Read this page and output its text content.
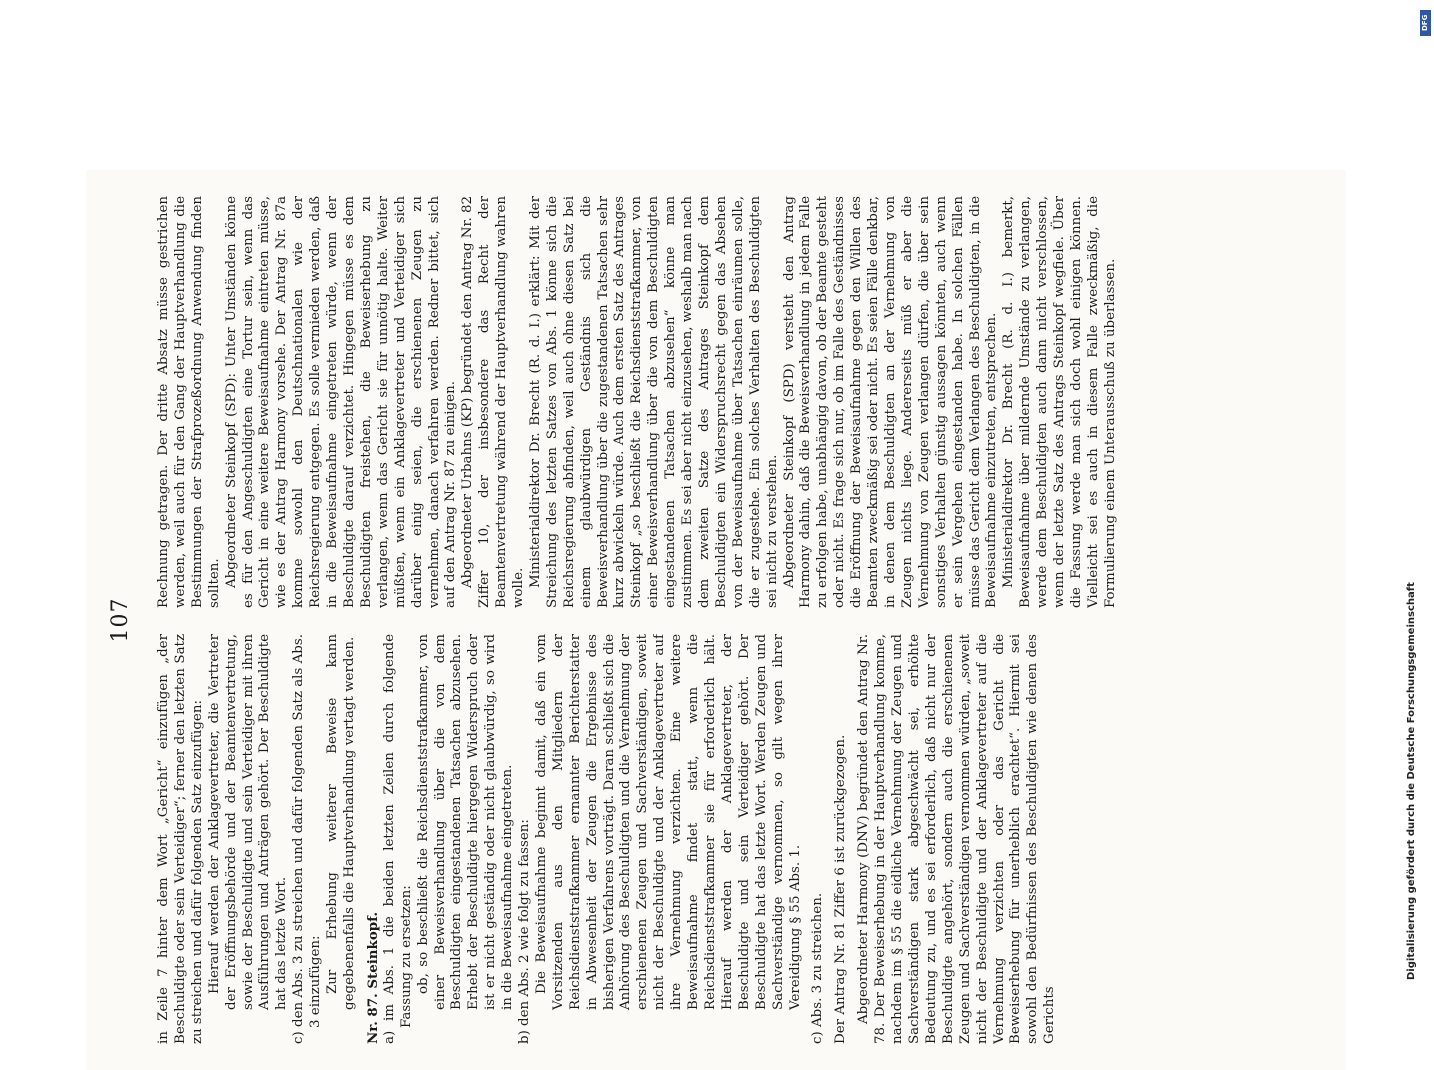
107

in Zeile 7 hinter dem Wort „Gericht“ einzufügen „der Beschuldigte oder sein Verteidiger“; ferner den letzten Satz zu streichen und dafür folgenden Satz einzufügen: Hierauf werden der Anklagevertreter, die Vertreter der Eröffnungsbehörde und der Beamtenvertretung, sowie der Beschuldigte und sein Verteidiger mit ihren Ausführungen und Anträgen gehört. Der Beschuldigte hat das letzte Wort. c) den Abs. 3 zu streichen und dafür folgenden Satz als Abs. 3 einzufügen: Zur Erhebung weiterer Beweise kann gegebenenfalls die Hauptverhandlung vertagt werden. Nr. 87. Steinkopf. a) im Abs. 1 die beiden letzten Zeilen durch folgende Fassung zu ersetzen: ob, so beschließt die Reichsdienststrafkammer, von einer Beweisverhandlung über die von dem Beschuldigten eingestandenen Tatsachen abzusehen. Erhebt der Beschuldigte hiergegen Widerspruch oder ist er nicht geständig oder nicht glaubwürdig, so wird in die Beweisaufnahme eingetreten. b) den Abs. 2 wie folgt zu fassen: Die Beweisaufnahme beginnt damit, daß ein vom Vorsitzenden aus den Mitgliedern der Reichsdienststrafkammer ernannter Berichterstatter in Abwesenheit der Zeugen die Ergebnisse des bisherigen Verfahrens vorträgt. Daran schließt sich die Anhörung des Beschuldigten und die Vernehmung der erschienenen Zeugen und Sachverständigen, soweit nicht der Beschuldigte und der Anklagevertreter auf ihre Vernehmung verzichten. Eine weitere Beweisaufnahme findet statt, wenn die Reichsdienststrafkammer sie für erforderlich hält. Hierauf werden der Anklagevertreter, der Beschuldigte und sein Verteidiger gehört. Der Beschuldigte hat das letzte Wort. Werden Zeugen und Sachverständige vernommen, so gilt wegen ihrer Vereidigung § 55 Abs. 1. c) Abs. 3 zu streichen. Der Antrag Nr. 81 Ziffer 6 ist zurückgezogen. Abgeordneter Harmony (DNV) begründet den Antrag Nr. 78. Der Beweiserhebung in der Hauptverhandlung komme, nachdem im § 55 die eidliche Vernehmung der Zeugen und Sachverständigen stark abgeschwächt sei, erhöhte Bedeutung zu, und es sei erforderlich, daß nicht nur der Beschuldigte angehört, sondern auch die erschienenen Zeugen und Sachverständigen vernommen würden, „soweit nicht der Beschuldigte und der Anklagevertreter auf die Vernehmung verzichten oder das Gericht die Beweiserhebung für unerheblich erachtet“. Hiermit sei sowohl den Bedürfnissen des Beschuldigten wie denen des Gerichts

Rechnung getragen. Der dritte Absatz müsse gestrichen werden, weil auch für den Gang der Hauptverhandlung die Bestimmungen der Strafprozeßordnung Anwendung finden sollten. Abgeordneter Steinkopf (SPD): Unter Umständen könne es für den Angeschuldigten eine Tortur sein, wenn das Gericht in eine weitere Beweisaufnahme eintreten müsse, wie es der Antrag Harmony vorsehe. Der Antrag Nr. 87a komme sowohl den Deutschnationalen wie der Reichsregierung entgegen. Es solle vermieden werden, daß in die Beweisaufnahme eingetreten würde, wenn der Beschuldigte darauf verzichtet. Hingegen müsse es dem Beschuldigten freistehen, die Beweiserhebung zu verlangen, wenn das Gericht sie für unnötig halte. Weiter müßten, wenn ein Anklagevertreter und Verteidiger sich darüber einig seien, die erschienenen Zeugen zu vernehmen, danach verfahren werden. Redner bittet, sich auf den Antrag Nr. 87 zu einigen. Abgeordneter Urbahns (KP) begründet den Antrag Nr. 82 Ziffer 10, der insbesondere das Recht der Beamtenvertretung während der Hauptverhandlung wahren wolle. Ministerialdirektor Dr. Brecht (R. d. I.) erklärt: Mit der Streichung des letzten Satzes von Abs. 1 könne sich die Reichsregierung abfinden, weil auch ohne diesen Satz bei einem glaubwürdigen Geständnis sich die Beweisverhandlung über die zugestandenen Tatsachen sehr kurz abwickeln würde. Auch dem ersten Satz des Antrages Steinkopf „so beschließt die Reichsdienststrafkammer, von einer Beweisverhandlung über die von dem Beschuldigten eingestandenen Tatsachen abzusehen“ könne man zustimmen. Es sei aber nicht einzusehen, weshalb man nach dem zweiten Satze des Antrages Steinkopf dem Beschuldigten ein Widerspruchsrecht gegen das Absehen von der Beweisaufnahme über Tatsachen einräumen solle, die er zugestehe. Ein solches Verhalten des Beschuldigten sei nicht zu verstehen. Abgeordneter Steinkopf (SPD) versteht den Antrag Harmony dahin, daß die Beweisverhandlung in jedem Falle zu erfolgen habe, unabhängig davon, ob der Beamte gesteht oder nicht. Es frage sich nur, ob im Falle des Geständnisses die Eröffnung der Beweisaufnahme gegen den Willen des Beamten zweckmäßig sei oder nicht. Es seien Fälle denkbar, in denen dem Beschuldigten an der Vernehmung von Zeugen nichts liege. Andererseits müß er aber die Vernehmung von Zeugen verlangen dürfen, die über sein sonstiges Verhalten günstig aussagen könnten, auch wenn er sein Vergehen eingestanden habe. In solchen Fällen müsse das Gericht dem Verlangen des Beschuldigten, in die Beweisaufnahme einzutreten, entsprechen. Ministerialdirektor Dr. Brecht (R. d. I.) bemerkt, Beweisaufnahme über mildernde Umstände zu verlangen, werde dem Beschuldigten auch dann nicht verschlossen, wenn der letzte Satz des Antrags Steinkopf wegfiele. Über die Fassung werde man sich doch wohl einigen können. Vielleicht sei es auch in diesem Falle zweckmäßig, die Formulierung einem Unterausschuß zu überlassen.

Digitalisierung gefördert durch die Deutsche Forschungsgemeinschaft
DFG
